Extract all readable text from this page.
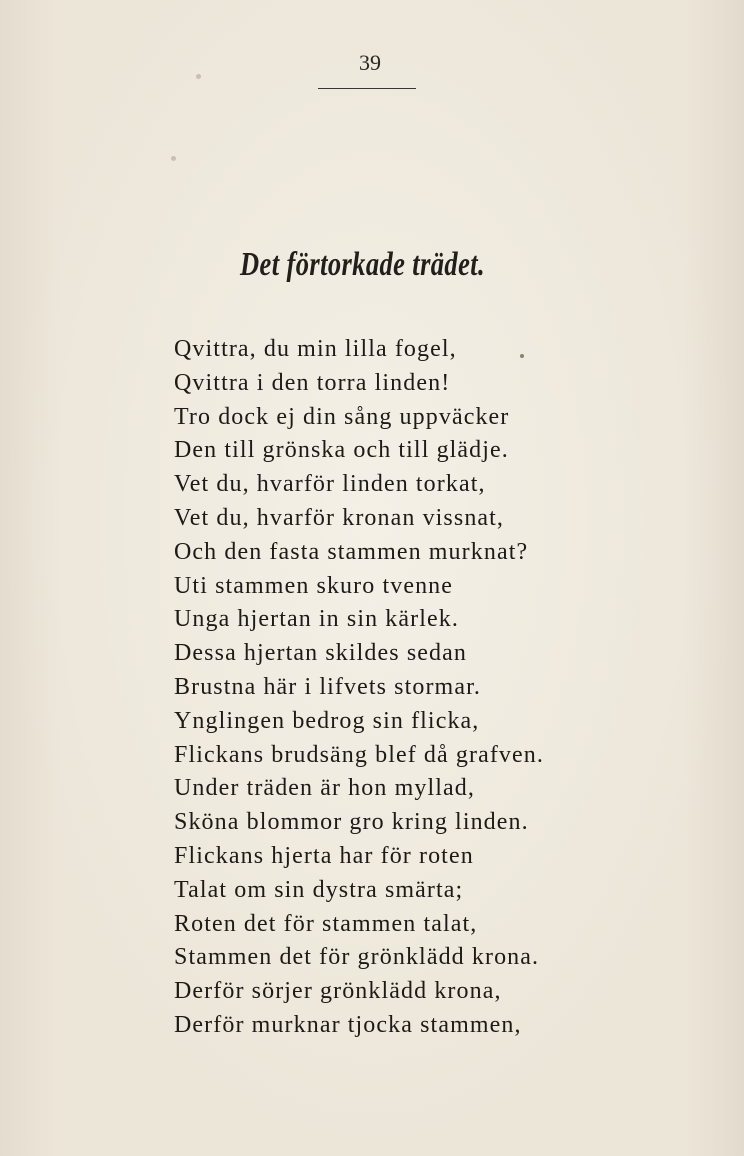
39
Det förtorkade trädet.
Qvittra, du min lilla fogel,
Qvittra i den torra linden!
Tro dock ej din sång uppväcker
Den till grönska och till glädje.
Vet du, hvarför linden torkat,
Vet du, hvarför kronan vissnat,
Och den fasta stammen murknat?
Uti stammen skuro tvenne
Unga hjertan in sin kärlek.
Dessa hjertan skildes sedan
Brustna här i lifvets stormar.
Ynglingen bedrog sin flicka,
Flickans brudsäng blef då grafven.
Under träden är hon myllad,
Sköna blommor gro kring linden.
Flickans hjerta har för roten
Talat om sin dystra smärta;
Roten det för stammen talat,
Stammen det för grönklädd krona.
Derför sörjer grönklädd krona,
Derför murknar tjocka stammen,
